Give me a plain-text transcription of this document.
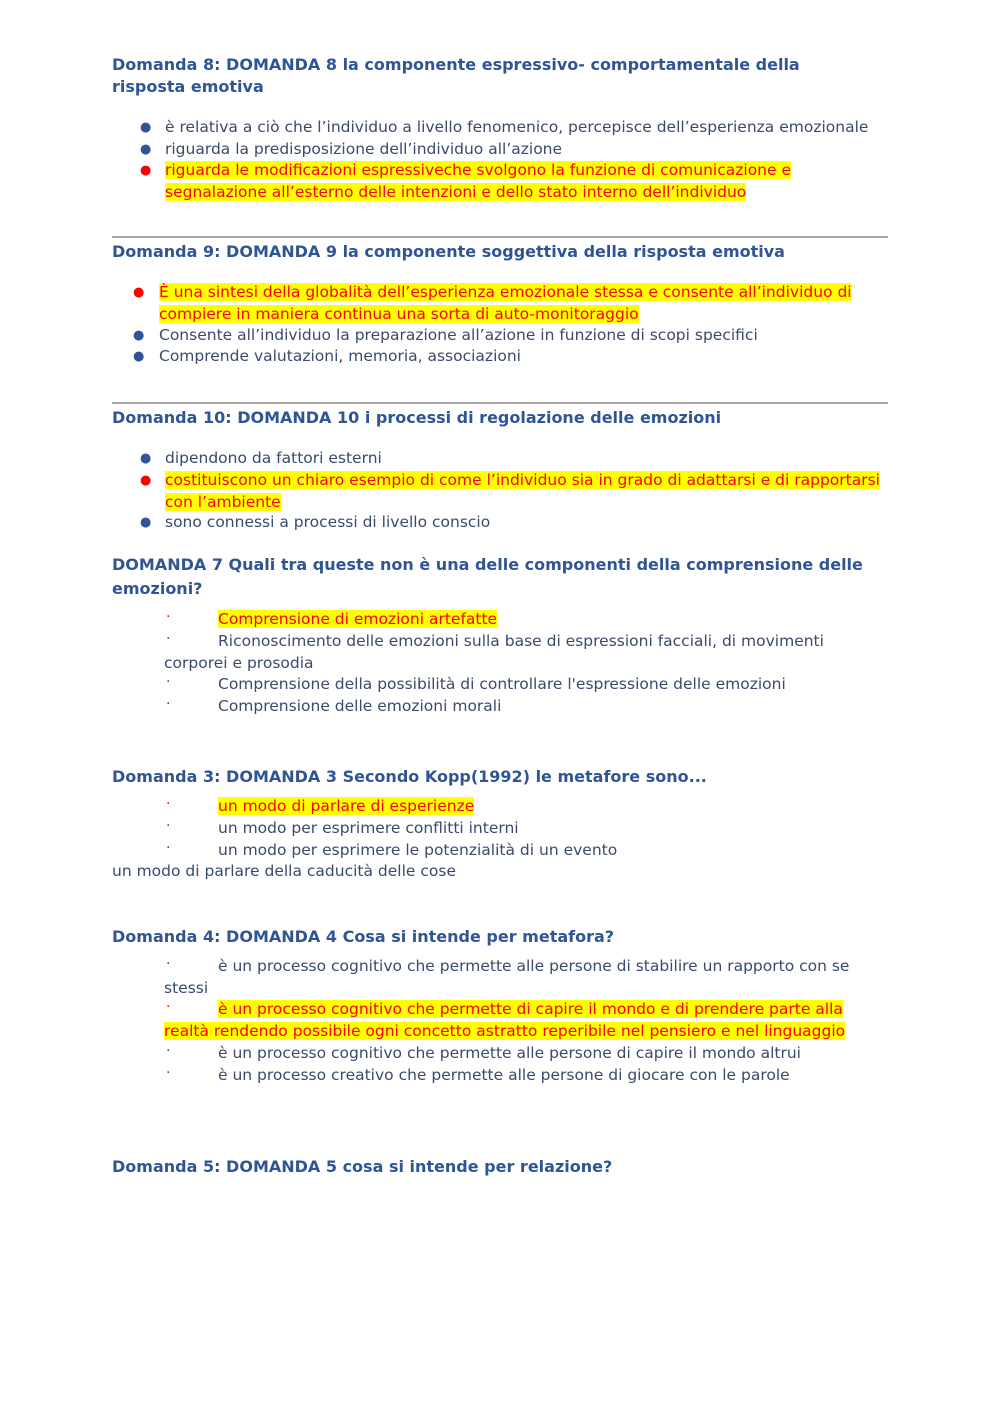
Domanda 8: DOMANDA 8 la componente espressivo- comportamentale della risposta emotiva
● è relativa a ciò che l’individuo a livello fenomenico, percepisce dell’esperienza emozionale
● riguarda la predisposizione dell’individuo all’azione
● riguarda le modificazioni espressiveche svolgono la funzione di comunicazione e
segnalazione all’esterno delle intenzioni e dello stato interno dell’individuo
Domanda 9: DOMANDA 9 la componente soggettiva della risposta emotiva
● È una sintesi della globalità dell’esperienza emozionale stessa e consente all’individuo di
compiere in maniera continua una sorta di auto-monitoraggio
● Consente all’individuo la preparazione all’azione in funzione di scopi specifici
● Comprende valutazioni, memoria, associazioni
Domanda 10: DOMANDA 10 i processi di regolazione delle emozioni
● dipendono da fattori esterni
● costituiscono un chiaro esempio di come l’individuo sia in grado di adattarsi e di rapportarsi
con l’ambiente
● sono connessi a processi di livello conscio
DOMANDA 7 Quali tra queste non è una delle componenti della comprensione delle
emozioni?
·	Comprensione di emozioni artefatte
·	Riconoscimento delle emozioni sulla base di espressioni facciali, di movimenti
corporei e prosodia
·	Comprensione della possibilità di controllare l'espressione delle emozioni
·	Comprensione delle emozioni morali
Domanda 3: DOMANDA 3 Secondo Kopp(1992) le metafore sono...
·	un modo di parlare di esperienze
·	un modo per esprimere conflitti interni
·	un modo per esprimere le potenzialità di un evento
un modo di parlare della caducità delle cose
Domanda 4: DOMANDA 4 Cosa si intende per metafora?
·	è un processo cognitivo che permette alle persone di stabilire un rapporto con se
stessi
·	è un processo cognitivo che permette di capire il mondo e di prendere parte alla
realtà rendendo possibile ogni concetto astratto reperibile nel pensiero e nel linguaggio
·	è un processo cognitivo che permette alle persone di capire il mondo altrui
·	è un processo creativo che permette alle persone di giocare con le parole
Domanda 5: DOMANDA 5 cosa si intende per relazione?
